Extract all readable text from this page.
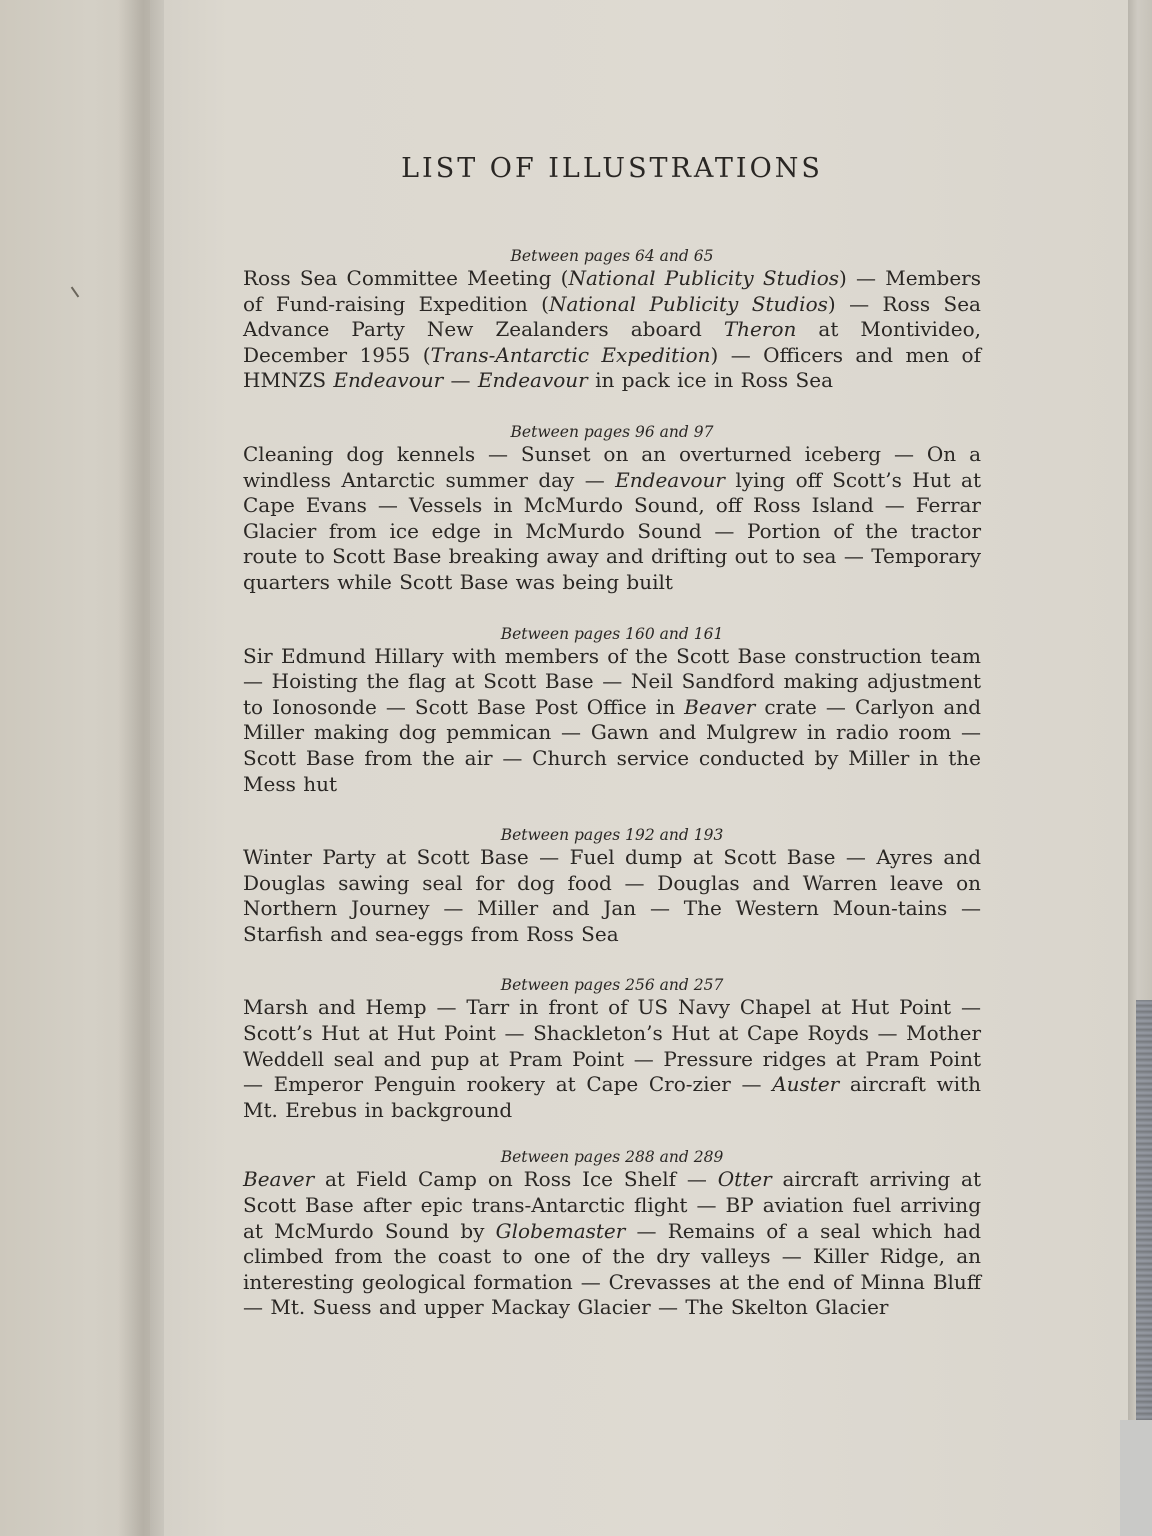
LIST OF ILLUSTRATIONS

Between pages 64 and 65

Ross Sea Committee Meeting (National Publicity Studios) — Members of Fund-raising Expedition (National Publicity Studios) — Ross Sea Advance Party New Zealanders aboard Theron at Montivideo, December 1955 (Trans-Antarctic Expedition) — Officers and men of HMNZS Endeavour — Endeavour in pack ice in Ross Sea

Between pages 96 and 97

Cleaning dog kennels — Sunset on an overturned iceberg — On a windless Antarctic summer day — Endeavour lying off Scott’s Hut at Cape Evans — Vessels in McMurdo Sound, off Ross Island — Ferrar Glacier from ice edge in McMurdo Sound — Portion of the tractor route to Scott Base breaking away and drifting out to sea — Temporary quarters while Scott Base was being built

Between pages 160 and 161

Sir Edmund Hillary with members of the Scott Base construction team— Hoisting the flag at Scott Base — Neil Sandford making adjustment to Ionosonde — Scott Base Post Office in Beaver crate — Carlyon and Miller making dog pemmican — Gawn and Mulgrew in radio room — Scott Base from the air — Church service conducted by Miller in the Mess hut

Between pages 192 and 193

Winter Party at Scott Base — Fuel dump at Scott Base — Ayres and Douglas sawing seal for dog food — Douglas and Warren leave on Northern Journey — Miller and Jan — The Western Moun-tains — Starfish and sea-eggs from Ross Sea

Between pages 256 and 257

Marsh and Hemp — Tarr in front of US Navy Chapel at Hut Point — Scott’s Hut at Hut Point — Shackleton’s Hut at Cape Royds — Mother Weddell seal and pup at Pram Point — Pressure ridges at Pram Point — Emperor Penguin rookery at Cape Cro-zier — Auster aircraft with Mt. Erebus in background

Between pages 288 and 289

Beaver at Field Camp on Ross Ice Shelf — Otter aircraft arriving at Scott Base after epic trans-Antarctic flight — BP aviation fuel arriving at McMurdo Sound by Globemaster — Remains of a seal which had climbed from the coast to one of the dry valleys — Killer Ridge, an interesting geological formation — Crevasses at the end of Minna Bluff — Mt. Suess and upper Mackay Glacier — The Skelton Glacier
